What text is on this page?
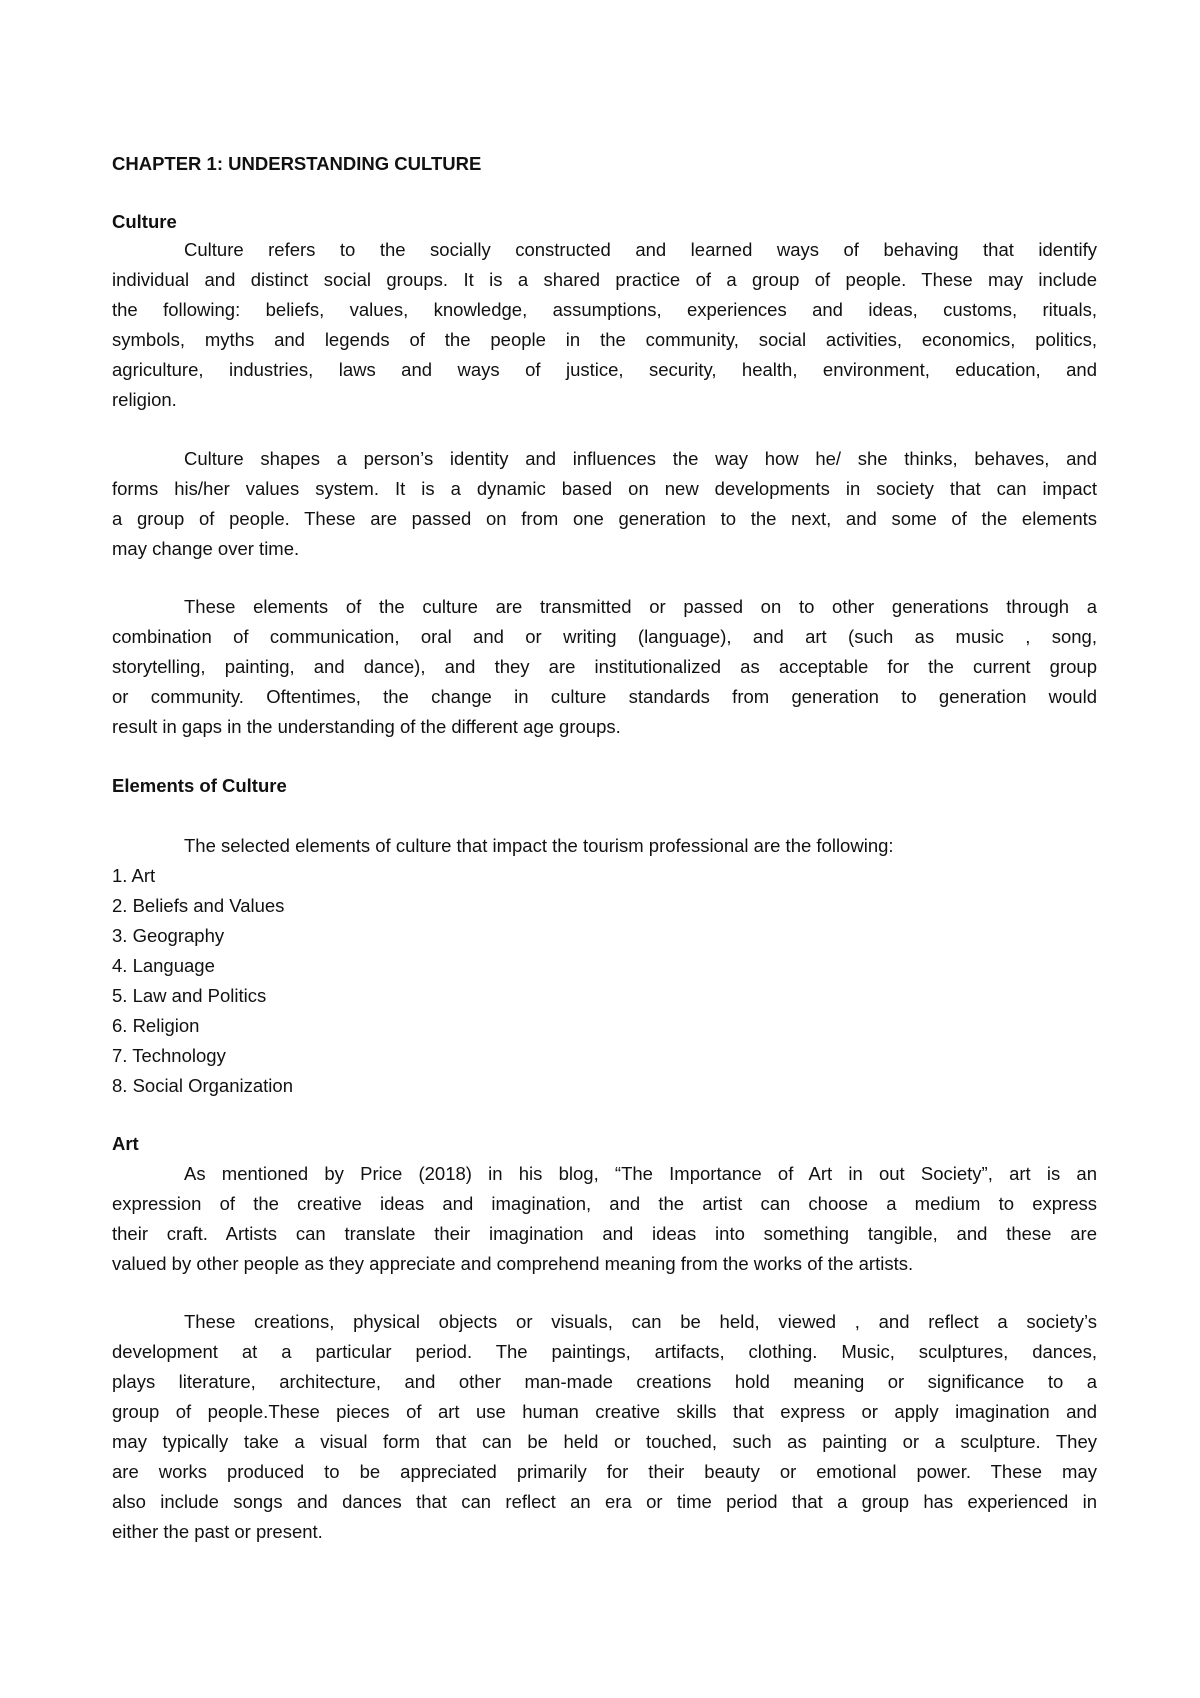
CHAPTER 1: UNDERSTANDING CULTURE
Culture
Culture refers to the socially constructed and learned ways of behaving that identify
individual and distinct social groups. It is a shared practice of a group of people. These may include
the following: beliefs, values, knowledge, assumptions, experiences and ideas, customs, rituals,
symbols, myths and legends of the people in the community, social activities, economics, politics,
agriculture, industries, laws and ways of justice, security, health, environment, education, and
religion.
Culture shapes a person’s identity and influences the way how he/ she thinks, behaves, and
forms his/her values system. It is a dynamic based on new developments in society that can impact
a group of people. These are passed on from one generation to the next, and some of the elements
may change over time.
These elements of the culture are transmitted or passed on to other generations through a
combination of communication, oral and or writing (language), and art (such as music , song,
storytelling, painting, and dance), and they are institutionalized as acceptable for the current group
or community. Oftentimes, the change in culture standards from generation to generation would
result in gaps in the understanding of the different age groups.
Elements of Culture
The selected elements of culture that impact the tourism professional are the following:
1. Art
2. Beliefs and Values
3. Geography
4. Language
5. Law and Politics
6. Religion
7. Technology
8. Social Organization
Art
As mentioned by Price (2018) in his blog, “The Importance of Art in out Society”, art is an
expression of the creative ideas and imagination, and the artist can choose a medium to express
their craft. Artists can translate their imagination and ideas into something tangible, and these are
valued by other people as they appreciate and comprehend meaning from the works of the artists.
These creations, physical objects or visuals, can be held, viewed , and reflect a society’s
development at a particular period. The paintings, artifacts, clothing. Music, sculptures, dances,
plays literature, architecture, and other man-made creations hold meaning or significance to a
group of people.These pieces of art use human creative skills that express or apply imagination and
may typically take a visual form that can be held or touched, such as painting or a sculpture. They
are works produced to be appreciated primarily for their beauty or emotional power. These may
also include songs and dances that can reflect an era or time period that a group has experienced in
either the past or present.
